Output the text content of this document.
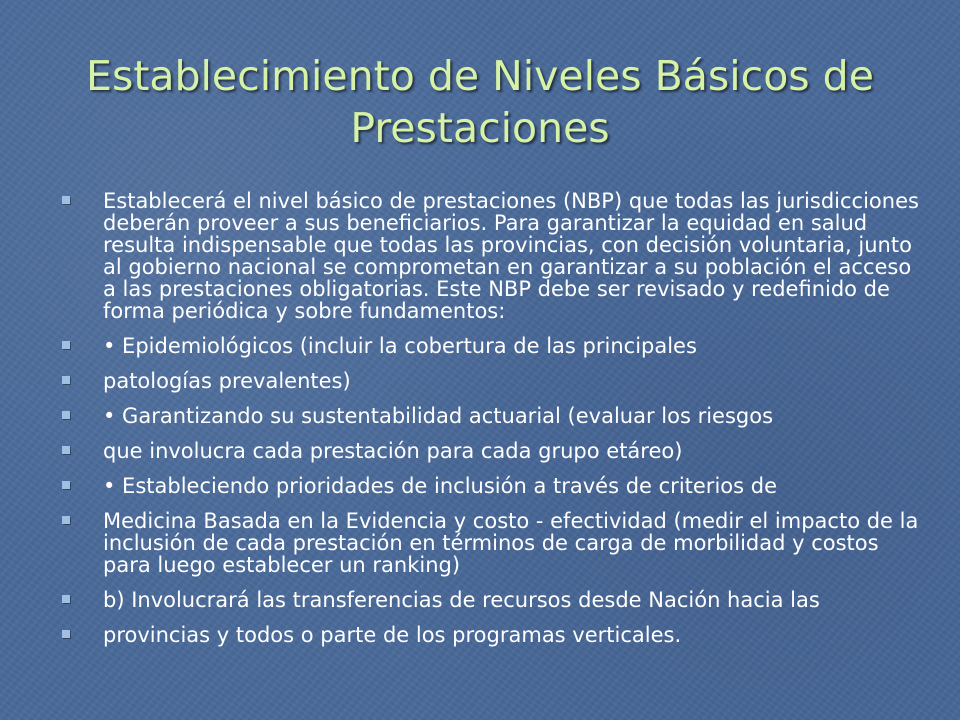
Establecimiento de Niveles Básicos de Prestaciones
Establecerá el nivel básico de prestaciones (NBP) que todas las jurisdicciones deberán proveer a sus beneficiarios. Para garantizar la equidad en salud resulta indispensable que todas las provincias, con decisión voluntaria, junto al gobierno nacional se comprometan en garantizar a su población el acceso a las prestaciones obligatorias. Este NBP debe ser revisado y redefinido de forma periódica y sobre fundamentos:
• Epidemiológicos (incluir la cobertura de las principales
patologías prevalentes)
• Garantizando su sustentabilidad actuarial (evaluar los riesgos
que involucra cada prestación para cada grupo etáreo)
• Estableciendo prioridades de inclusión a través de criterios de
Medicina Basada en la Evidencia y costo - efectividad (medir el impacto de la inclusión de cada prestación en términos de carga de morbilidad y costos para luego establecer un ranking)
b) Involucrará las transferencias de recursos desde Nación hacia las
provincias y todos o parte de los programas verticales.
